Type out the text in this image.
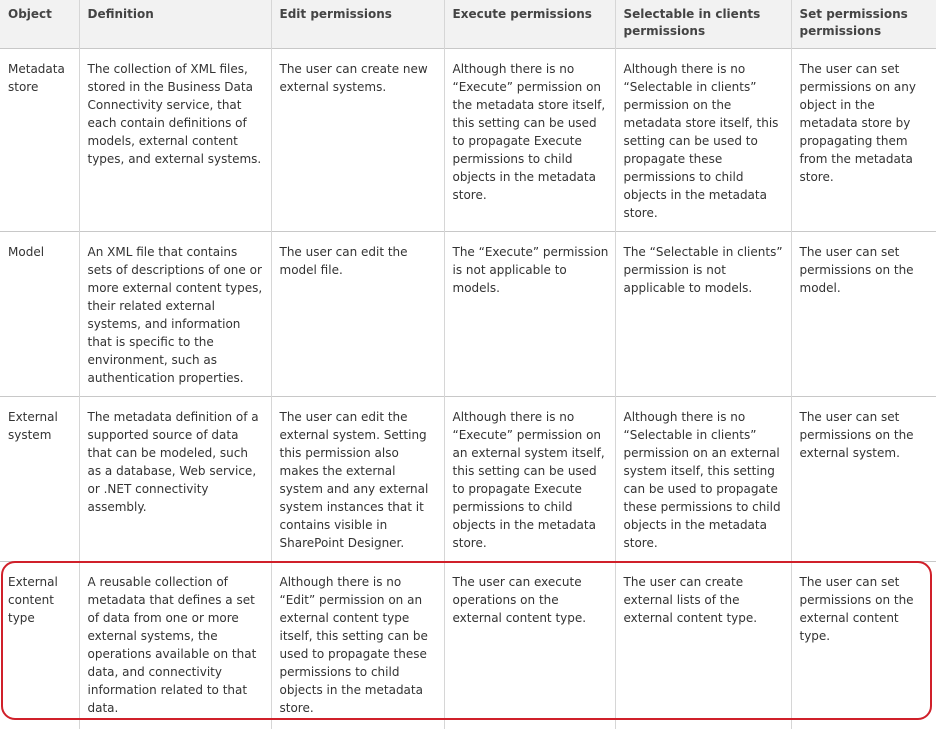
Object	Definition	Edit permissions	Execute permissions	Selectable in clients permissions	Set permissions permissions
Metadata store	The collection of XML files, stored in the Business Data Connectivity service, that each contain definitions of models, external content types, and external systems.	The user can create new external systems.	Although there is no “Execute” permission on the metadata store itself, this setting can be used to propagate Execute permissions to child objects in the metadata store.	Although there is no “Selectable in clients” permission on the metadata store itself, this setting can be used to propagate these permissions to child objects in the metadata store.	The user can set permissions on any object in the metadata store by propagating them from the metadata store.
Model	An XML file that contains sets of descriptions of one or more external content types, their related external systems, and information that is specific to the environment, such as authentication properties.	The user can edit the model file.	The “Execute” permission is not applicable to models.	The “Selectable in clients” permission is not applicable to models.	The user can set permissions on the model.
External system	The metadata definition of a supported source of data that can be modeled, such as a database, Web service, or .NET connectivity assembly.	The user can edit the external system. Setting this permission also makes the external system and any external system instances that it contains visible in SharePoint Designer.	Although there is no “Execute” permission on an external system itself, this setting can be used to propagate Execute permissions to child objects in the metadata store.	Although there is no “Selectable in clients” permission on an external system itself, this setting can be used to propagate these permissions to child objects in the metadata store.	The user can set permissions on the external system.
External content type	A reusable collection of metadata that defines a set of data from one or more external systems, the operations available on that data, and connectivity information related to that data.	Although there is no “Edit” permission on an external content type itself, this setting can be used to propagate these permissions to child objects in the metadata store.	The user can execute operations on the external content type.	The user can create external lists of the external content type.	The user can set permissions on the external content type.
